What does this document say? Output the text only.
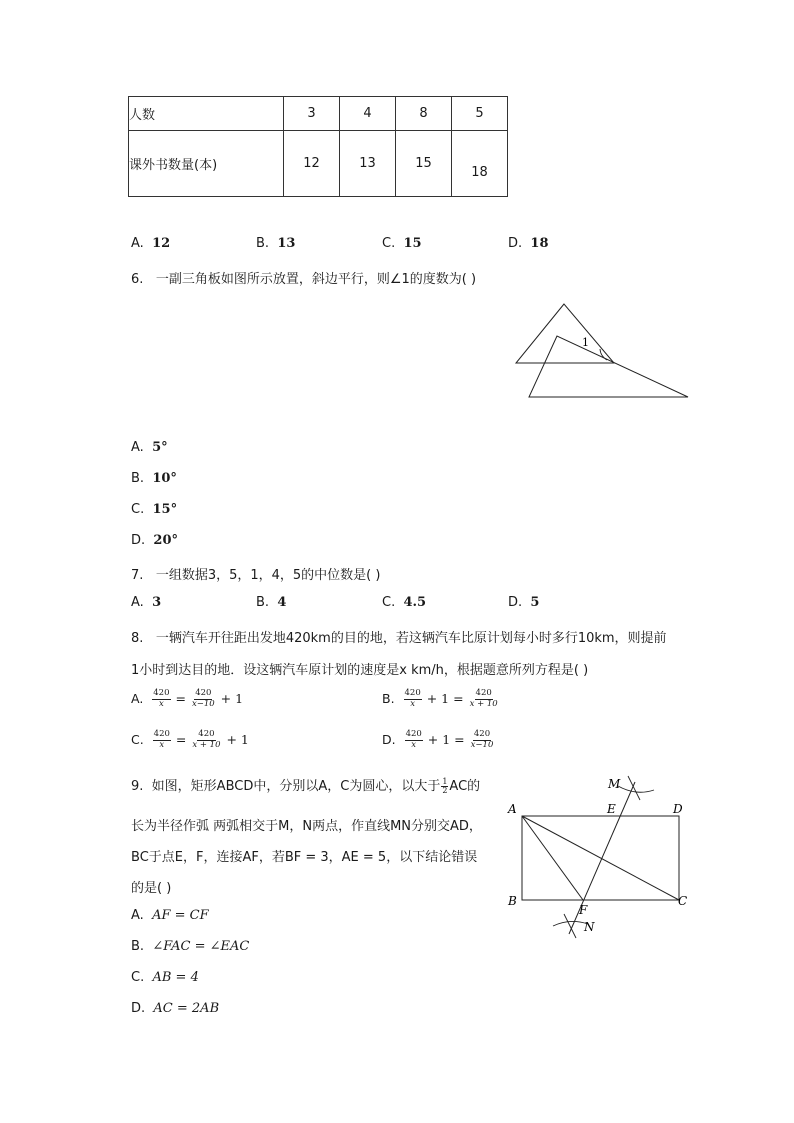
人数	3	4	8	5
课外书数量(本)	12	13	15	18
A. 12	B. 13	C. 15	D. 18
6. 一副三角板如图所示放置，斜边平行，则∠1的度数为( )
1
A. 5°
B. 10°
C. 15°
D. 20°
7. 一组数据3，5，1，4，5的中位数是( )
A. 3	B. 4	C. 4.5	D. 5
8. 一辆汽车开往距出发地420km的目的地，若这辆汽车比原计划每小时多行10km，则提前
1小时到达目的地．设这辆汽车原计划的速度是x km/h，根据题意所列方程是( )
A. $\frac{420}{x} = \frac{420}{x-10} + 1$	B. $\frac{420}{x} + 1 = \frac{420}{x + 10}$
C. $\frac{420}{x} = \frac{420}{x + 10} + 1$	D. $\frac{420}{x} + 1 = \frac{420}{x-10}$
9. 如图，矩形ABCD中，分别以A，C为圆心，以大于 $\frac{1}{2}$ AC的
长为半径作弧 两弧相交于M，N两点，作直线MN分别交AD，
BC于点E，F，连接AF，若BF = 3，AE = 5，以下结论错误
的是( )
A
B	C
D
E
F
M
N
A. AF = CF
B. ∠FAC = ∠EAC
C. AB = 4
D. AC = 2AB
